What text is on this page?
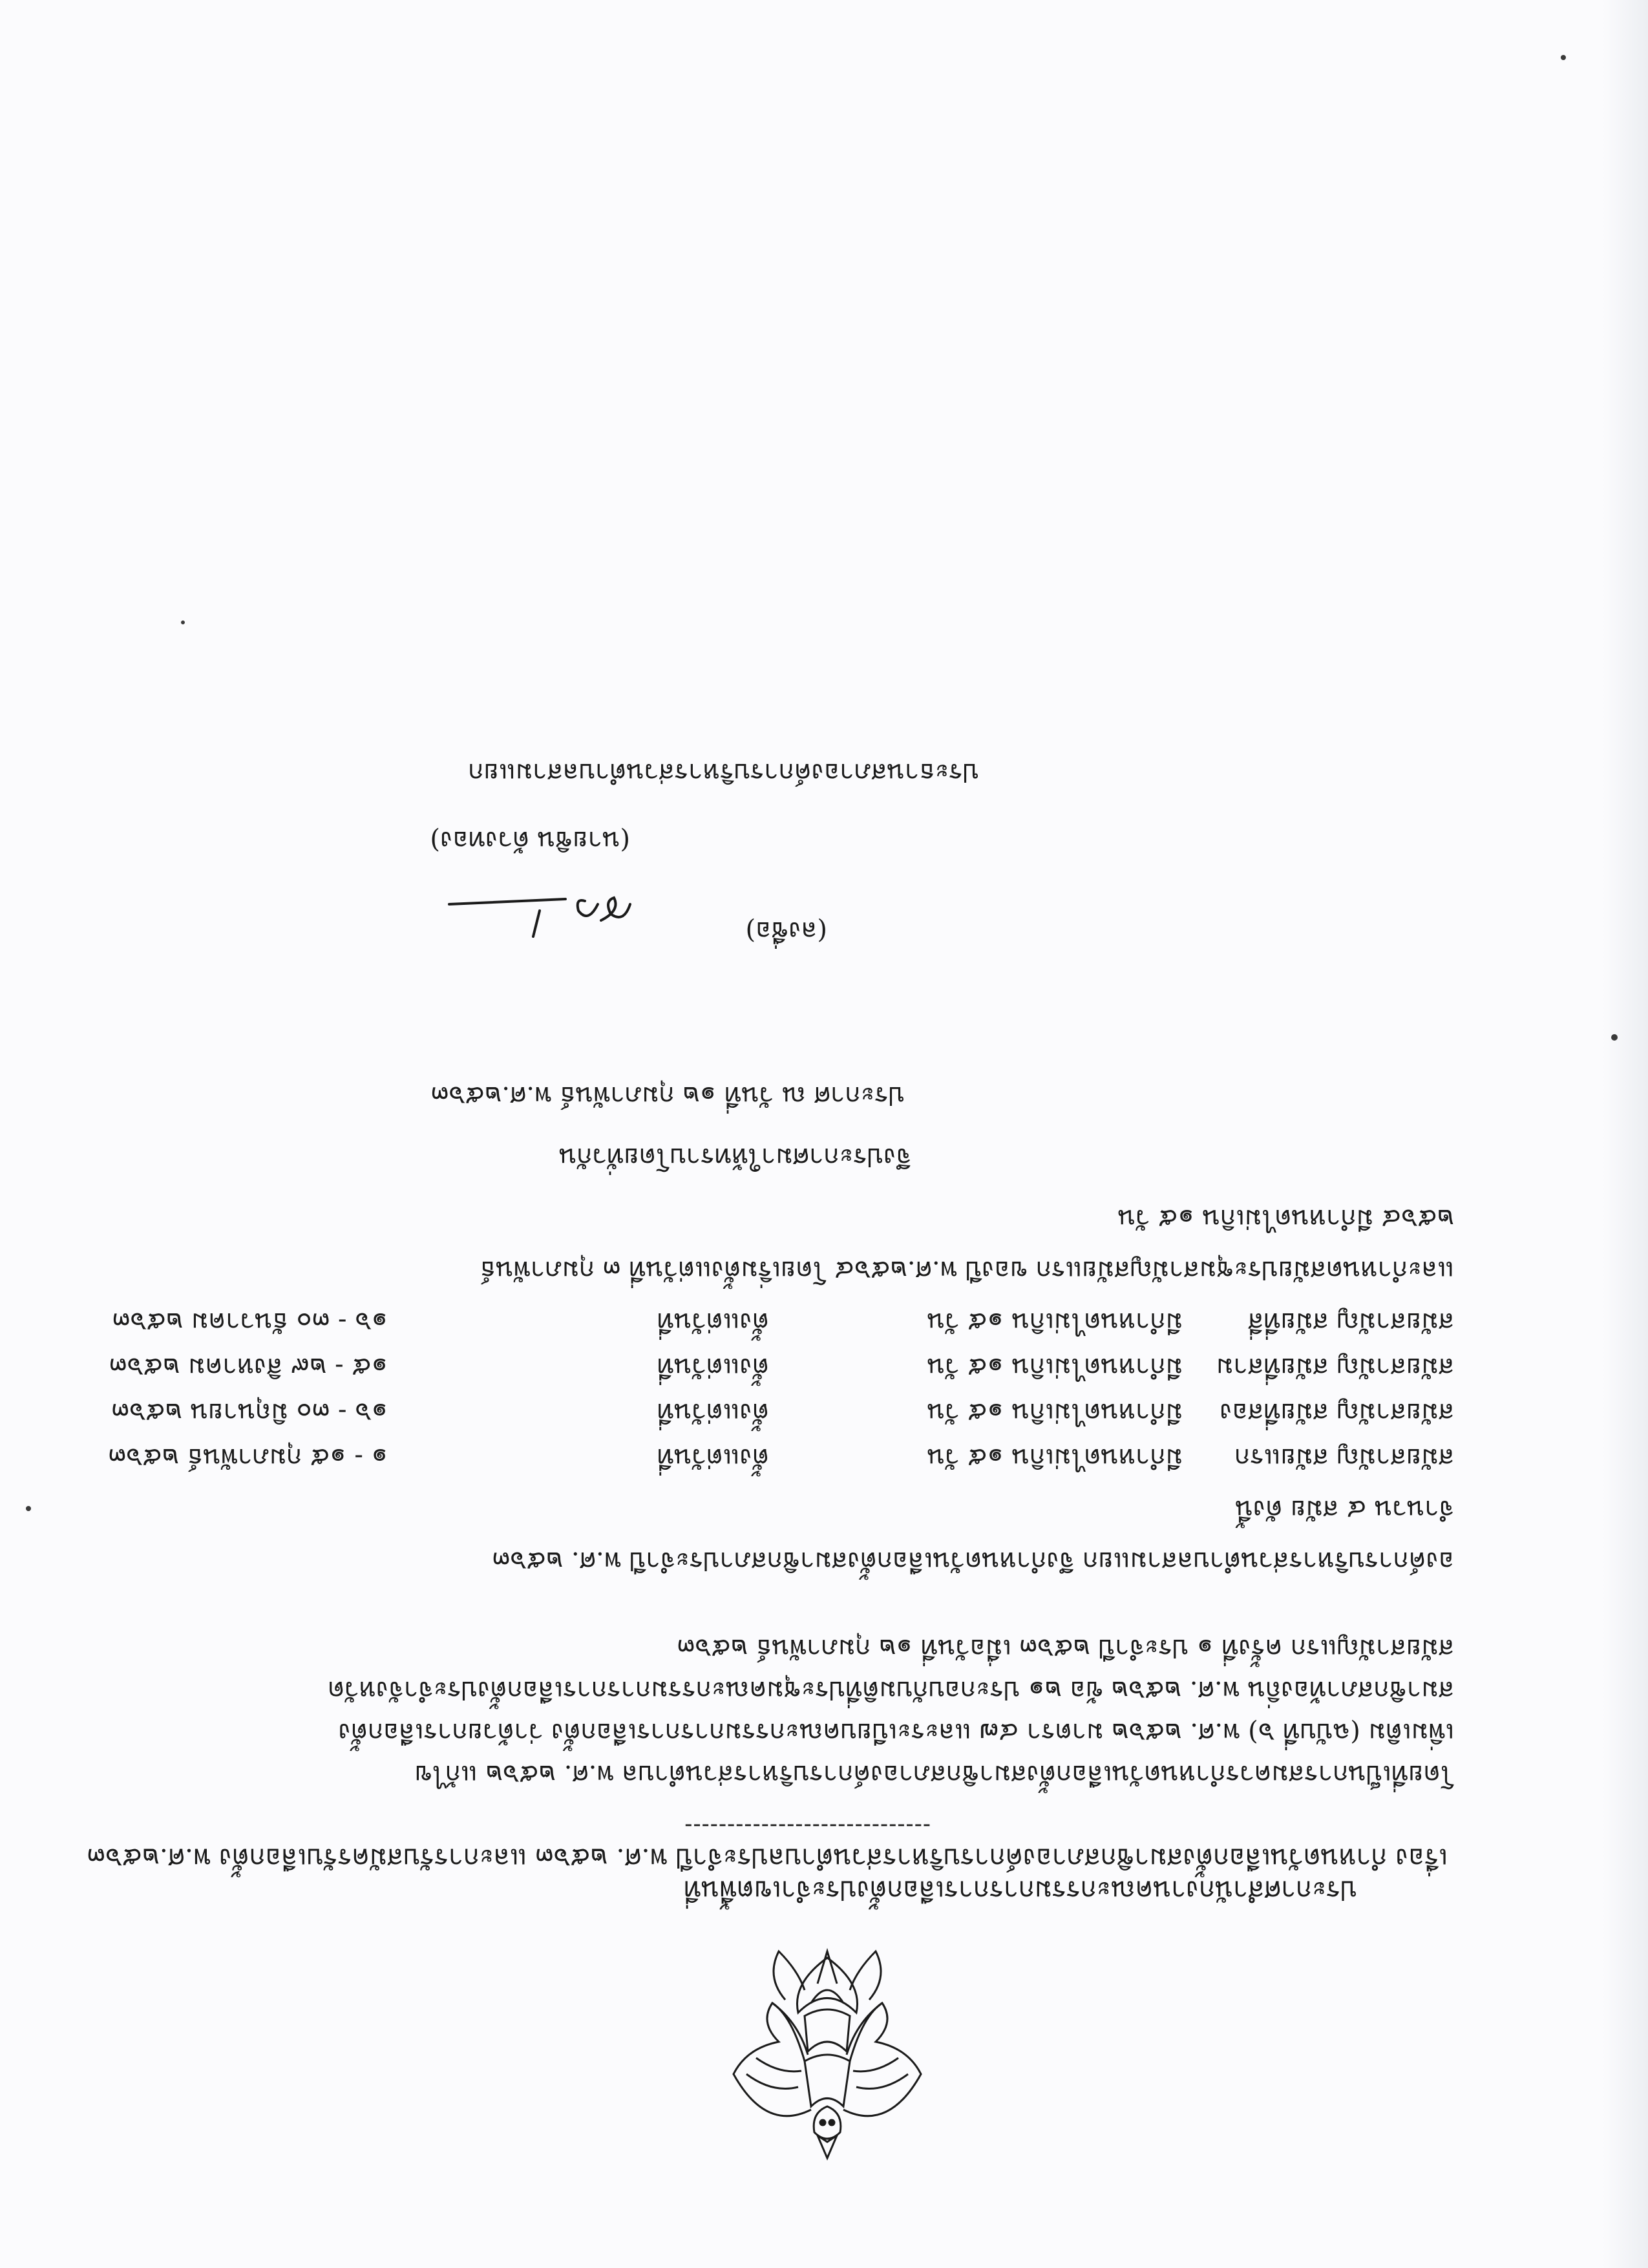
ประกาศสำนักงานคณะกรรมการการเลือกตั้งประจำเขตพื้นที่
เรื่อง กำหนดวันเลือกตั้งสมาชิกสภาองค์การบริหารส่วนตำบลประจำปี พ.ศ. ๒๕๖๓ และการรับสมัครรับเลือกตั้ง พ.ศ.๒๕๖๓
-----------------------------
โดยที่เป็นการสมควรกำหนดวันเลือกตั้งสมาชิกสภาองค์การบริหารส่วนตำบล พ.ศ. ๒๕๖๒ แก้ไข
เพิ่มเติม (ฉบับที่ ๖) พ.ศ. ๒๕๖๒ มาตรา ๔๗ และระเบียบคณะกรรมการการเลือกตั้ง ว่าด้วยการเลือกตั้ง
สมาชิกสภาท้องถิ่น พ.ศ. ๒๕๖๒ ข้อ ๒๑ ประกอบกับมติที่ประชุมคณะกรรมการการเลือกตั้งประจำจังหวัด
สมัยสามัญแรก ครั้งที่ ๑ ประจำปี ๒๕๖๓ เมื่อวันที่ ๑๒ กุมภาพันธ์ ๒๕๖๓
องค์การบริหารส่วนตำบลสามแยก จึงกำหนดวันเลือกตั้งสมาชิกสภาประจำปี พ.ศ. ๒๕๖๓
จำนวน ๔ สมัย ดังนี้
สมัยสามัญ สมัยแรก
มีกำหนดไม่เกิน ๑๕ วัน
ตั้งแต่วันที่
๑ - ๑๕ กุมภาพันธ์ ๒๕๖๓
สมัยสามัญ สมัยที่สอง
มีกำหนดไม่เกิน ๑๕ วัน
ตั้งแต่วันที่
๑๖ - ๓๐ มิถุนายน ๒๕๖๓
สมัยสามัญ สมัยที่สาม
มีกำหนดไม่เกิน ๑๕ วัน
ตั้งแต่วันที่
๑๕ - ๒๙ สิงหาคม ๒๕๖๓
สมัยสามัญ สมัยที่สี่
มีกำหนดไม่เกิน ๑๕ วัน
ตั้งแต่วันที่
๑๖ - ๓๐ ธันวาคม ๒๕๖๓
และกำหนดสมัยประชุมสามัญสมัยแรก ของปี พ.ศ.๒๕๖๔ โดยเริ่มตั้งแต่วันที่ ๓ กุมภาพันธ์
๒๕๖๔ มีกำหนดไม่เกิน ๑๕ วัน
จึงประกาศมาให้ทราบโดยทั่วกัน
ประกาศ ณ วันที่ ๑๒ กุมภาพันธ์ พ.ศ.๒๕๖๓
(ลงชื่อ)
(นายชิน ด้วงทอง)
ประธานสภาองค์การบริหารส่วนตำบลสามแยก
